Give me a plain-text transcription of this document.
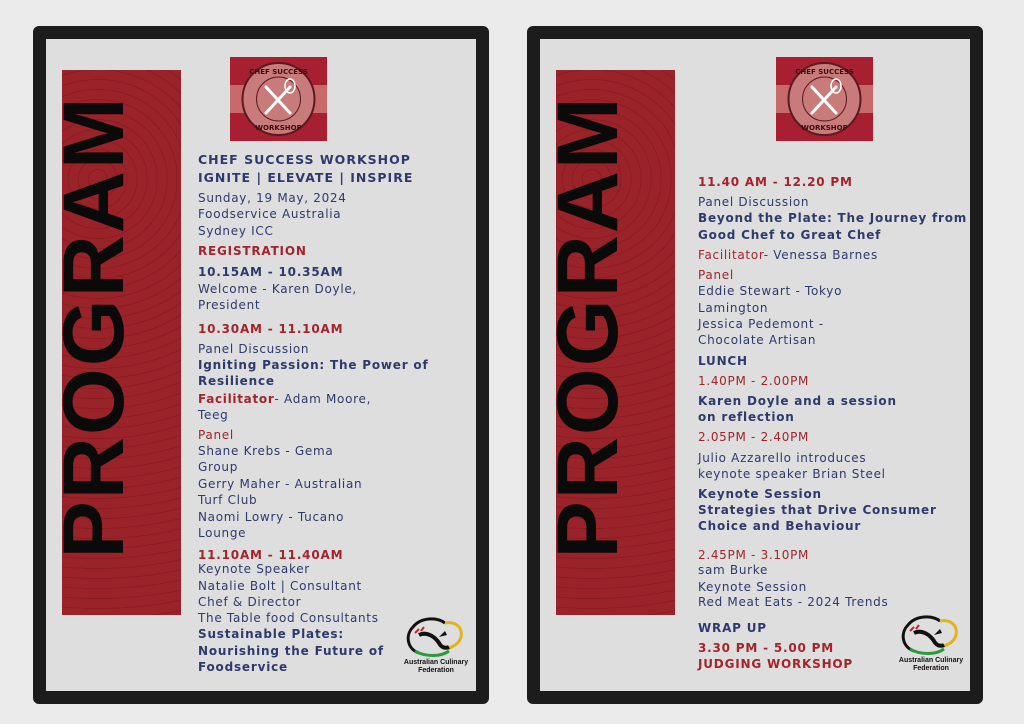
PROGRAM
CHEF SUCCESS
WORKSHOP
CHEF SUCCESS WORKSHOP
IGNITE | ELEVATE | INSPIRE
Sunday, 19 May, 2024
Foodservice Australia
Sydney ICC
REGISTRATION
10.15AM - 10.35AM
Welcome - Karen Doyle,
President
10.30AM - 11.10AM
Panel Discussion
Igniting Passion: The Power of
Resilience
Facilitator- Adam Moore,
Teeg
Panel
Shane Krebs - Gema
Group
Gerry Maher - Australian
Turf Club
Naomi Lowry - Tucano
Lounge
11.10AM - 11.40AM
Keynote Speaker
Natalie Bolt | Consultant
Chef & Director
The Table food Consultants
Sustainable Plates:
Nourishing the Future of
Foodservice	Australian Culinary
Federation
PROGRAM
CHEF SUCCESS
WORKSHOP
11.40 AM - 12.20 PM
Panel Discussion
Beyond the Plate: The Journey from
Good Chef to Great Chef
Facilitator- Venessa Barnes
Panel
Eddie Stewart - Tokyo
Lamington
Jessica Pedemont -
Chocolate Artisan
LUNCH
1.40PM - 2.00PM
Karen Doyle and a session
on reflection
2.05PM - 2.40PM
Julio Azzarello introduces
keynote speaker Brian Steel
Keynote Session
Strategies that Drive Consumer
Choice and Behaviour
2.45PM - 3.10PM
sam Burke
Keynote Session
Red Meat Eats - 2024 Trends
WRAP UP
3.30 PM - 5.00 PM
JUDGING WORKSHOP	Australian Culinary
Federation
